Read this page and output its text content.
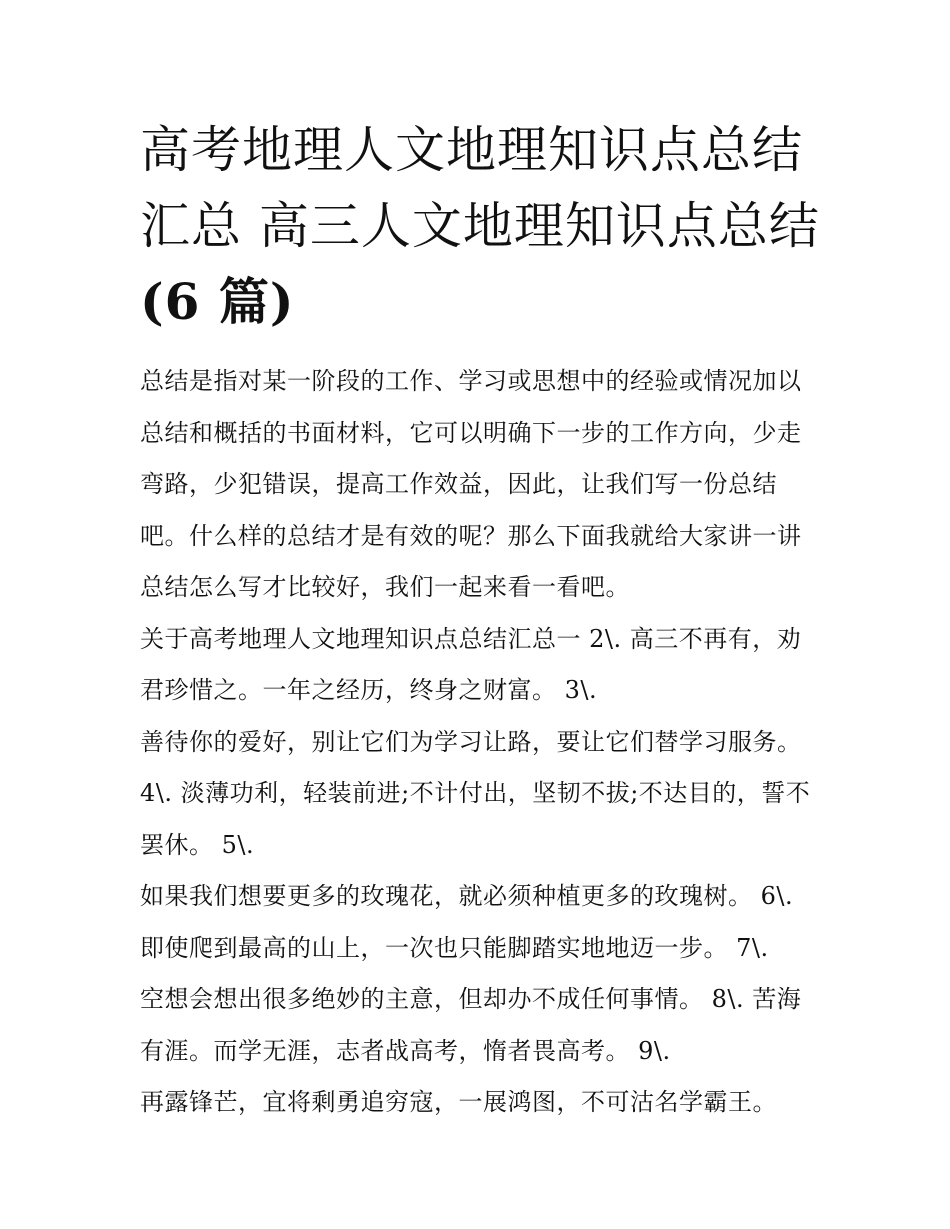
高考地理人文地理知识点总结
汇总 高三人文地理知识点总结
(6 篇)
总结是指对某一阶段的工作、学习或思想中的经验或情况加以
总结和概括的书面材料，它可以明确下一步的工作方向，少走
弯路，少犯错误，提高工作效益，因此，让我们写一份总结
吧。什么样的总结才是有效的呢？那么下面我就给大家讲一讲
总结怎么写才比较好，我们一起来看一看吧。
关于高考地理人文地理知识点总结汇总一 2\. 高三不再有，劝
君珍惜之。一年之经历，终身之财富。 3\.
善待你的爱好，别让它们为学习让路，要让它们替学习服务。
4\. 淡薄功利，轻装前进;不计付出，坚韧不拔;不达目的，誓不
罢休。 5\.
如果我们想要更多的玫瑰花，就必须种植更多的玫瑰树。 6\.
即使爬到最高的山上，一次也只能脚踏实地地迈一步。 7\.
空想会想出很多绝妙的主意，但却办不成任何事情。 8\. 苦海
有涯。而学无涯，志者战高考，惰者畏高考。 9\.
再露锋芒，宜将剩勇追穷寇，一展鸿图，不可沽名学霸王。
